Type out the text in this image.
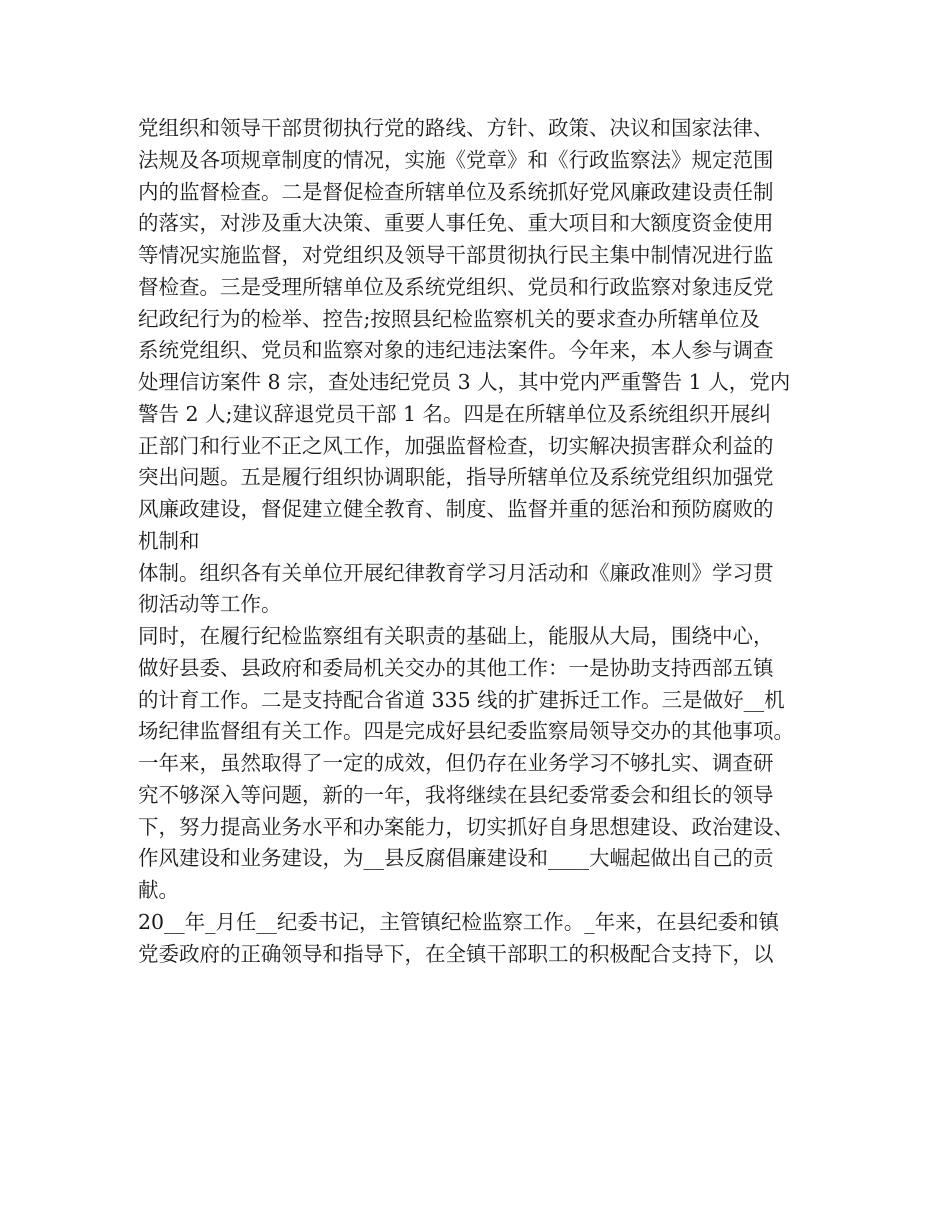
党组织和领导干部贯彻执行党的路线、方针、政策、决议和国家法律、
法规及各项规章制度的情况，实施《党章》和《行政监察法》规定范围
内的监督检查。二是督促检查所辖单位及系统抓好党风廉政建设责任制
的落实，对涉及重大决策、重要人事任免、重大项目和大额度资金使用
等情况实施监督，对党组织及领导干部贯彻执行民主集中制情况进行监
督检查。三是受理所辖单位及系统党组织、党员和行政监察对象违反党
纪政纪行为的检举、控告;按照县纪检监察机关的要求查办所辖单位及
系统党组织、党员和监察对象的违纪违法案件。今年来，本人参与调查
处理信访案件 8 宗，查处违纪党员 3 人，其中党内严重警告 1 人，党内
警告 2 人;建议辞退党员干部 1 名。四是在所辖单位及系统组织开展纠
正部门和行业不正之风工作，加强监督检查，切实解决损害群众利益的
突出问题。五是履行组织协调职能，指导所辖单位及系统党组织加强党
风廉政建设，督促建立健全教育、制度、监督并重的惩治和预防腐败的
机制和
体制。组织各有关单位开展纪律教育学习月活动和《廉政准则》学习贯
彻活动等工作。
同时，在履行纪检监察组有关职责的基础上，能服从大局，围绕中心，
做好县委、县政府和委局机关交办的其他工作：一是协助支持西部五镇
的计育工作。二是支持配合省道 335 线的扩建拆迁工作。三是做好__机
场纪律监督组有关工作。四是完成好县纪委监察局领导交办的其他事项。
一年来，虽然取得了一定的成效，但仍存在业务学习不够扎实、调查研
究不够深入等问题，新的一年，我将继续在县纪委常委会和组长的领导
下，努力提高业务水平和办案能力，切实抓好自身思想建设、政治建设、
作风建设和业务建设，为__县反腐倡廉建设和____大崛起做出自己的贡
献。
20__年_月任__纪委书记，主管镇纪检监察工作。_年来，在县纪委和镇
党委政府的正确领导和指导下，在全镇干部职工的积极配合支持下，以
